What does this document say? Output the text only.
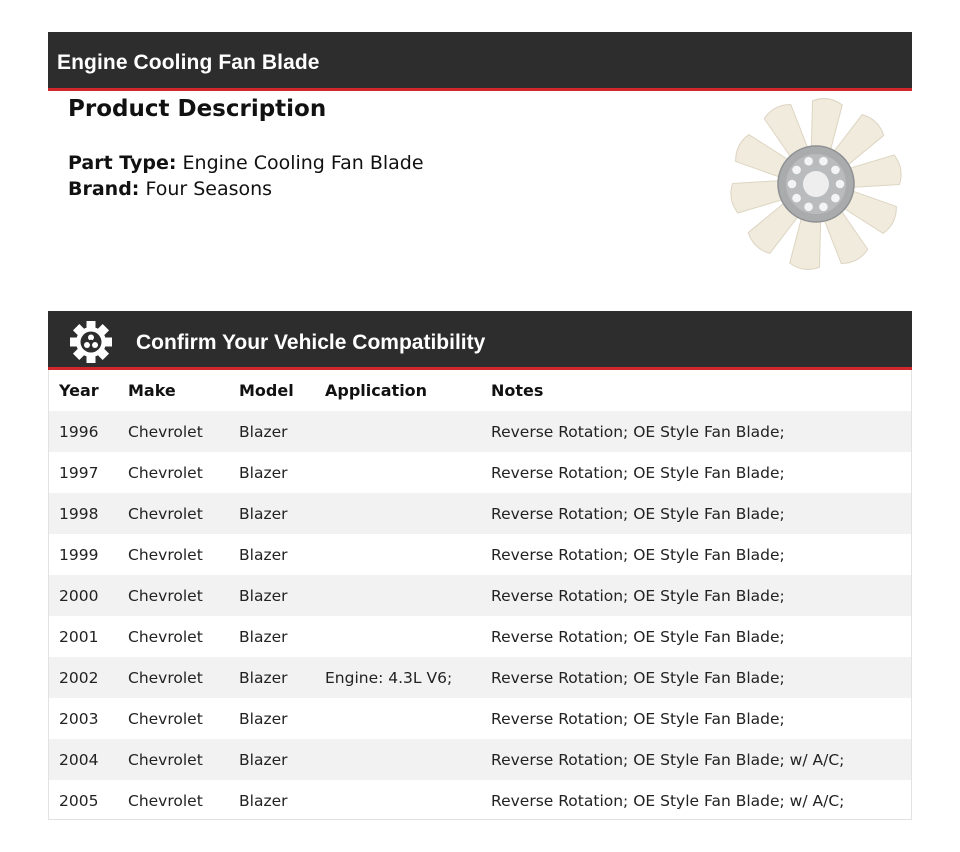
Engine Cooling Fan Blade
Product Description
Part Type: Engine Cooling Fan Blade
Brand: Four Seasons
Confirm Your Vehicle Compatibility
Year	Make	Model	Application	Notes
1996	Chevrolet	Blazer		Reverse Rotation; OE Style Fan Blade;
1997	Chevrolet	Blazer		Reverse Rotation; OE Style Fan Blade;
1998	Chevrolet	Blazer		Reverse Rotation; OE Style Fan Blade;
1999	Chevrolet	Blazer		Reverse Rotation; OE Style Fan Blade;
2000	Chevrolet	Blazer		Reverse Rotation; OE Style Fan Blade;
2001	Chevrolet	Blazer		Reverse Rotation; OE Style Fan Blade;
2002	Chevrolet	Blazer	Engine: 4.3L V6;	Reverse Rotation; OE Style Fan Blade;
2003	Chevrolet	Blazer		Reverse Rotation; OE Style Fan Blade;
2004	Chevrolet	Blazer		Reverse Rotation; OE Style Fan Blade; w/ A/C;
2005	Chevrolet	Blazer		Reverse Rotation; OE Style Fan Blade; w/ A/C;
